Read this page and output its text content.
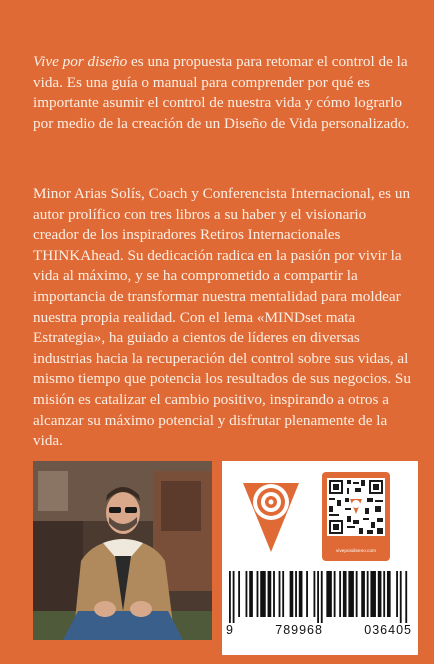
Vive por diseño es una propuesta para retomar el control de la vida. Es una guía o manual para comprender por qué es importante asumir el control de nuestra vida y cómo lograrlo por medio de la creación de un Diseño de Vida personalizado.

Minor Arias Solís, Coach y Conferencista Internacional, es un autor prolífico con tres libros a su haber y el visionario creador de los inspiradores Retiros Internacionales THINKAhead. Su dedicación radica en la pasión por vivir la vida al máximo, y se ha comprometido a compartir la importancia de transformar nuestra mentalidad para moldear nuestra propia realidad. Con el lema «MINDset mata Estrategia», ha guiado a cientos de líderes en diversas industrias hacia la recuperación del control sobre sus vidas, al mismo tiempo que potencia los resultados de sus negocios. Su misión es catalizar el cambio positivo, inspirando a otros a alcanzar su máximo potencial y disfrutar plenamente de la vida.

viveposdiseno.com
9	789968	036405
